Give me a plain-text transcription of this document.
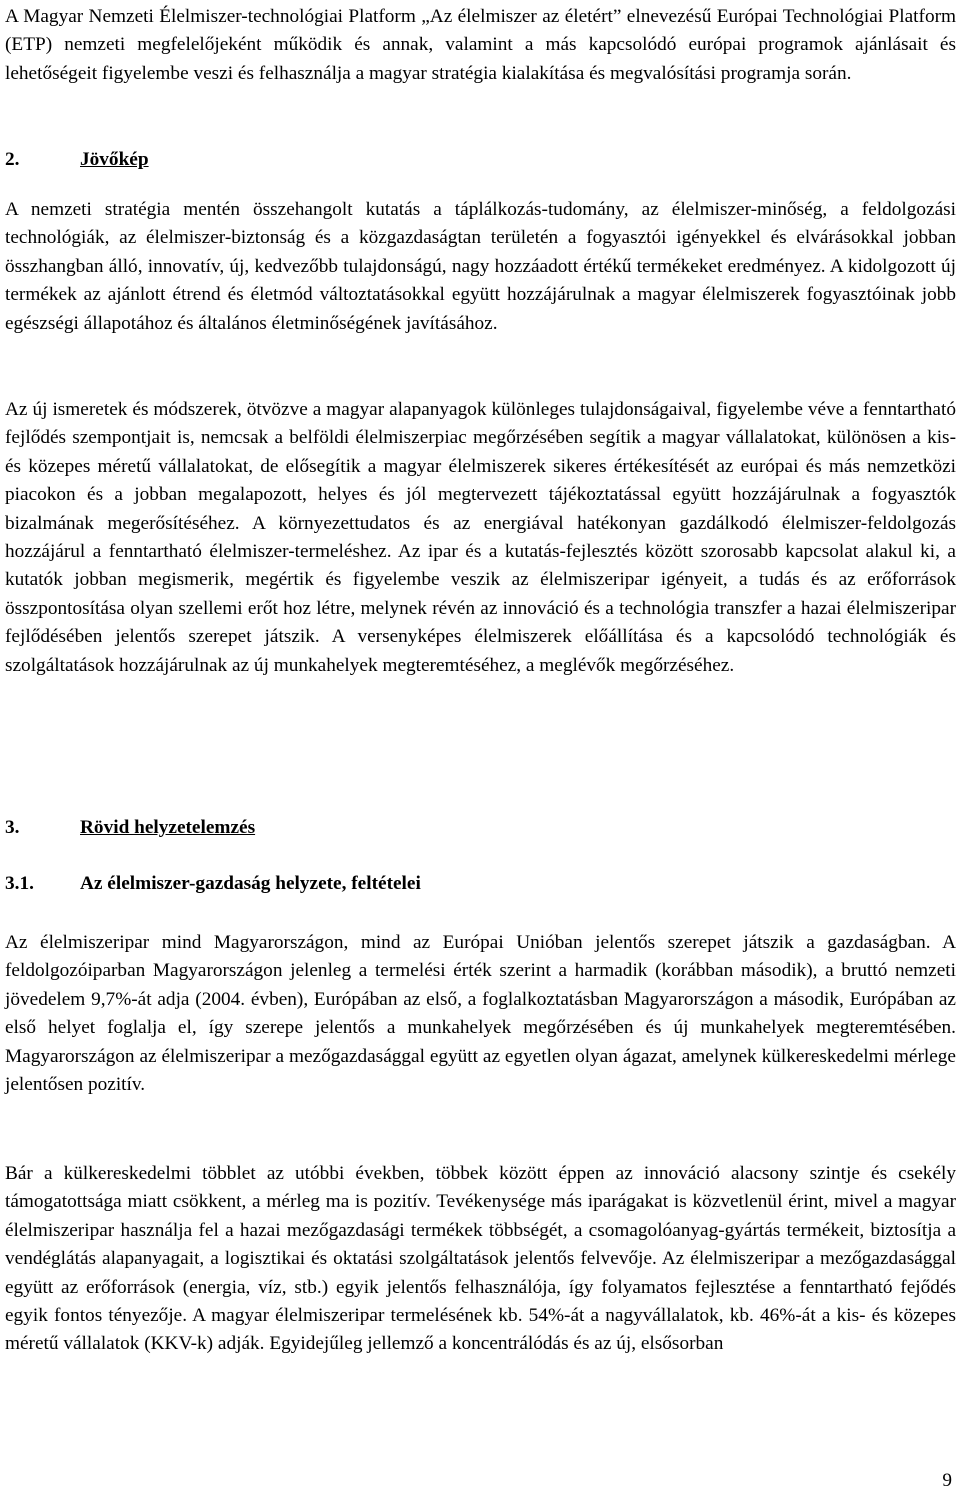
A Magyar Nemzeti Élelmiszer-technológiai Platform „Az élelmiszer az életért” elnevezésű Európai Technológiai Platform (ETP) nemzeti megfelelőjeként működik és annak, valamint a más kapcsolódó európai programok ajánlásait és lehetőségeit figyelembe veszi és felhasználja a magyar stratégia kialakítása és megvalósítási programja során.

2.	Jövőkép

A nemzeti stratégia mentén összehangolt kutatás a táplálkozás-tudomány, az élelmiszer-minőség, a feldolgozási technológiák, az élelmiszer-biztonság és a közgazdaságtan területén a fogyasztói igényekkel és elvárásokkal jobban összhangban álló, innovatív, új, kedvezőbb tulajdonságú, nagy hozzáadott értékű termékeket eredményez. A kidolgozott új termékek az ajánlott étrend és életmód változtatásokkal együtt hozzájárulnak a magyar élelmiszerek fogyasztóinak jobb egészségi állapotához és általános életminőségének javításához.

Az új ismeretek és módszerek, ötvözve a magyar alapanyagok különleges tulajdonságaival, figyelembe véve a fenntartható fejlődés szempontjait is, nemcsak a belföldi élelmiszerpiac megőrzésében segítik a magyar vállalatokat, különösen a kis- és közepes méretű vállalatokat, de elősegítik a magyar élelmiszerek sikeres értékesítését az európai és más nemzetközi piacokon és a jobban megalapozott, helyes és jól megtervezett tájékoztatással együtt hozzájárulnak a fogyasztók bizalmának megerősítéséhez. A környezettudatos és az energiával hatékonyan gazdálkodó élelmiszer-feldolgozás hozzájárul a fenntartható élelmiszer-termeléshez. Az ipar és a kutatás-fejlesztés között szorosabb kapcsolat alakul ki, a kutatók jobban megismerik, megértik és figyelembe veszik az élelmiszeripar igényeit, a tudás és az erőforrások összpontosítása olyan szellemi erőt hoz létre, melynek révén az innováció és a technológia transzfer a hazai élelmiszeripar fejlődésében jelentős szerepet játszik. A versenyképes élelmiszerek előállítása és a kapcsolódó technológiák és szolgáltatások hozzájárulnak az új munkahelyek megteremtéséhez, a meglévők megőrzéséhez.

3.	Rövid helyzetelemzés
3.1. Az élelmiszer-gazdaság helyzete, feltételei

Az élelmiszeripar mind Magyarországon, mind az Európai Unióban jelentős szerepet játszik a gazdaságban. A feldolgozóiparban Magyarországon jelenleg a termelési érték szerint a harmadik (korábban második), a bruttó nemzeti jövedelem 9,7%-át adja (2004. évben), Európában az első, a foglalkoztatásban Magyarországon a második, Európában az első helyet foglalja el, így szerepe jelentős a munkahelyek megőrzésében és új munkahelyek megteremtésében. Magyarországon az élelmiszeripar a mezőgazdasággal együtt az egyetlen olyan ágazat, amelynek külkereskedelmi mérlege jelentősen pozitív.

Bár a külkereskedelmi többlet az utóbbi években, többek között éppen az innováció alacsony szintje és csekély támogatottsága miatt csökkent, a mérleg ma is pozitív. Tevékenysége más iparágakat is közvetlenül érint, mivel a magyar élelmiszeripar használja fel a hazai mezőgazdasági termékek többségét, a csomagolóanyag-gyártás termékeit, biztosítja a vendéglátás alapanyagait, a logisztikai és oktatási szolgáltatások jelentős felvevője. Az élelmiszeripar a mezőgazdasággal együtt az erőforrások (energia, víz, stb.) egyik jelentős felhasználója, így folyamatos fejlesztése a fenntartható fejődés egyik fontos tényezője. A magyar élelmiszeripar termelésének kb. 54%-át a nagyvállalatok, kb. 46%-át a kis- és közepes méretű vállalatok (KKV-k) adják. Egyidejűleg jellemző a koncentrálódás és az új, elsősorban

9
